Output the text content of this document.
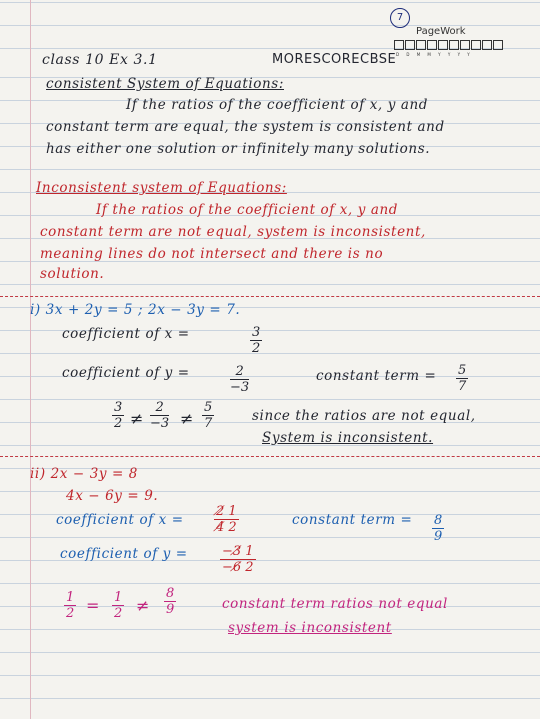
7
PageWork
D D M M Y Y Y Y
class 10 Ex 3.1	MORESCORECBSE
consistent System of Equations:
If the ratios of the coefficient of x, y and
constant term are equal, the system is consistent and
has either one solution or infinitely many solutions.
Inconsistent system of Equations:
If the ratios of the coefficient of x, y and
constant term are not equal, system is inconsistent,
meaning lines do not intersect and there is no
solution.
i) 3x + 2y = 5 ; 2x − 3y = 7.
coefficient of x =	$\frac{3}{2}$
coefficient of y =	$\frac{2}{-3}$	constant term = $\frac{5}{7}$
$\frac{3}{2} \ne \frac{2}{-3} \ne \frac{5}{7}$	since the ratios are not equal,
System is inconsistent.
ii) 2x − 3y = 8
4x − 6y = 9.
coefficient of $x = \frac{2̸ 1}{4̸ 2}$	constant term = $\frac{8}{9}$
coefficient of $y = \frac{-3̸ 1}{-6̸ 2}$
$\frac{1}{2} = \frac{1}{2} \ne \frac{8}{9}$	constant term ratios not equal
system is inconsistent
